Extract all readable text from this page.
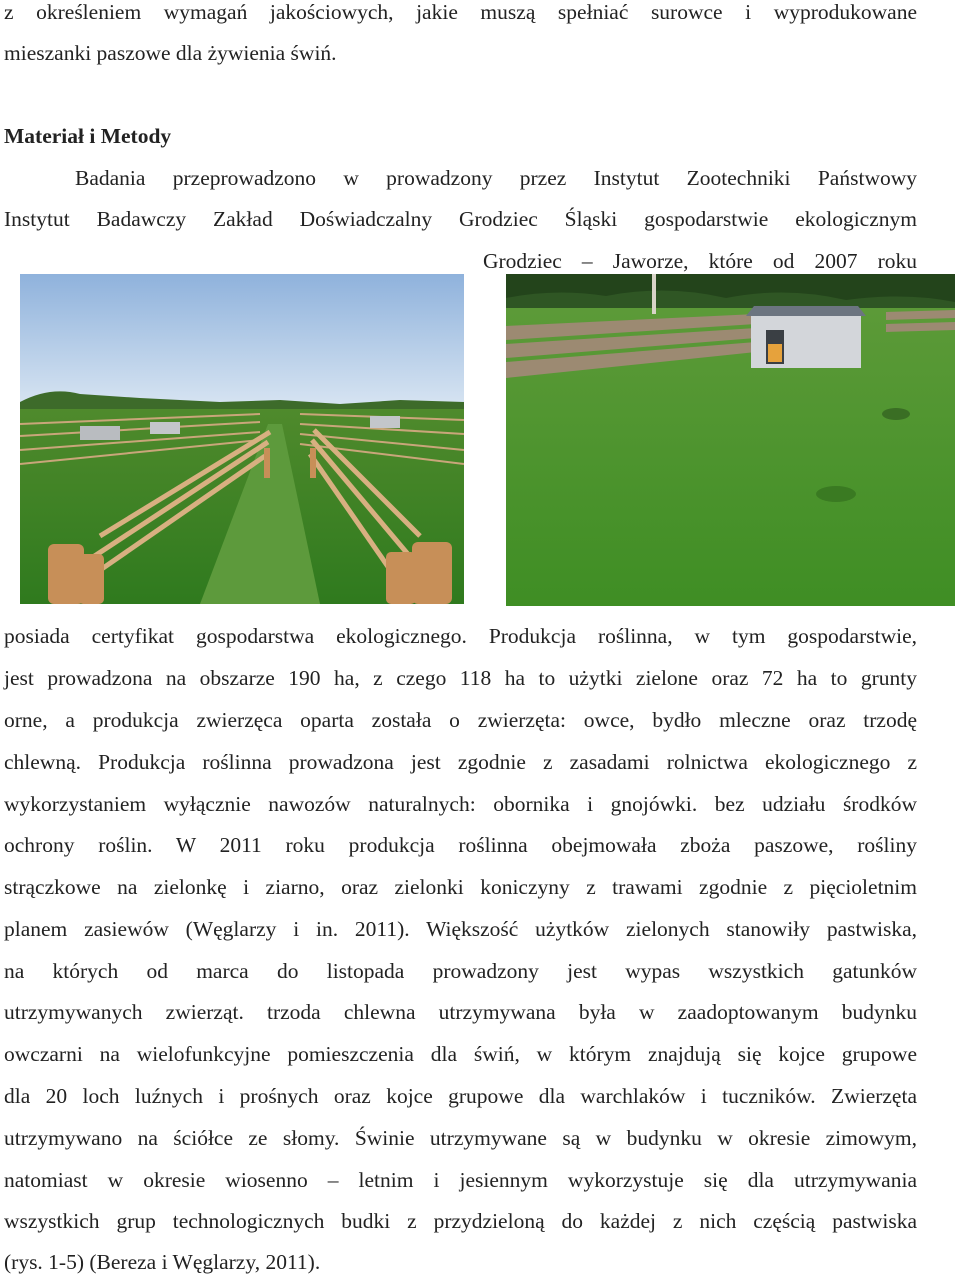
z określeniem wymagań jakościowych, jakie muszą spełniać surowce i wyprodukowane
mieszanki paszowe dla żywienia świń.
Materiał i Metody
Badania przeprowadzono w prowadzony przez Instytut Zootechniki Państwowy
Instytut Badawczy Zakład Doświadczalny Grodziec Śląski gospodarstwie ekologicznym
Grodziec – Jaworze, które od 2007 roku
posiada certyfikat gospodarstwa ekologicznego. Produkcja roślinna, w tym gospodarstwie,
jest prowadzona na obszarze 190 ha, z czego 118 ha to użytki zielone oraz 72 ha to grunty
orne, a produkcja zwierzęca oparta została o zwierzęta: owce, bydło mleczne oraz trzodę
chlewną. Produkcja roślinna prowadzona jest zgodnie z zasadami rolnictwa ekologicznego z
wykorzystaniem wyłącznie nawozów naturalnych: obornika i gnojówki. bez udziału środków
ochrony roślin. W 2011 roku produkcja roślinna obejmowała zboża paszowe, rośliny
strączkowe na zielonkę i ziarno, oraz zielonki koniczyny z trawami zgodnie z pięcioletnim
planem zasiewów (Węglarzy i in. 2011). Większość użytków zielonych stanowiły pastwiska,
na których od marca do listopada prowadzony jest wypas wszystkich gatunków
utrzymywanych zwierząt. trzoda chlewna utrzymywana była w zaadoptowanym budynku
owczarni na wielofunkcyjne pomieszczenia dla świń, w którym znajdują się kojce grupowe
dla 20 loch luźnych i prośnych oraz kojce grupowe dla warchlaków i tuczników. Zwierzęta
utrzymywano na ściółce ze słomy. Świnie utrzymywane są w budynku w okresie zimowym,
natomiast w okresie wiosenno – letnim i jesiennym wykorzystuje się dla utrzymywania
wszystkich grup technologicznych budki z przydzieloną do każdej z nich częścią pastwiska
(rys. 1-5) (Bereza i Węglarzy, 2011).
